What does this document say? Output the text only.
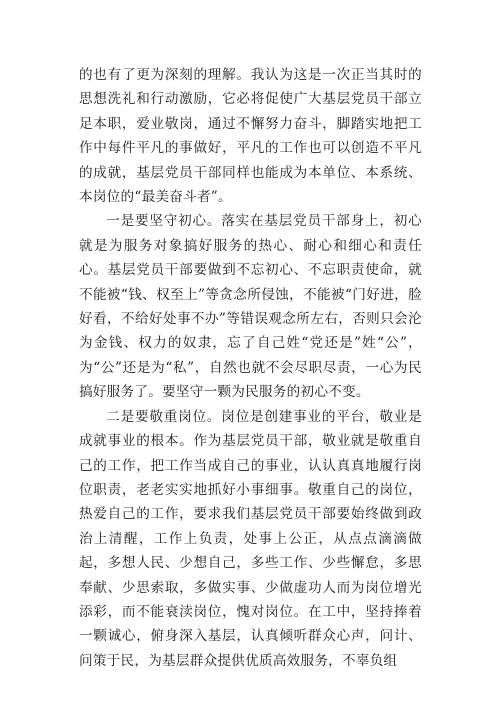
的也有了更为深刻的理解。我认为这是一次正当其时的思想洗礼和行动激励，它必将促使广大基层党员干部立足本职，爱业敬岗，通过不懈努力奋斗，脚踏实地把工作中每件平凡的事做好，平凡的工作也可以创造不平凡的成就，基层党员干部同样也能成为本单位、本系统、本岗位的“最美奋斗者”。

一是要坚守初心。落实在基层党员干部身上，初心就是为服务对象搞好服务的热心、耐心和细心和责任心。基层党员干部要做到不忘初心、不忘职责使命，就不能被“钱、权至上”等贪念所侵蚀，不能被“门好进，脸好看，不给好处事不办”等错误观念所左右，否则只会沦为金钱、权力的奴隶，忘了自己姓“党还是”姓“公”，为“公”还是为“私”，自然也就不会尽职尽责，一心为民搞好服务了。要坚守一颗为民服务的初心不变。

二是要敬重岗位。岗位是创建事业的平台，敬业是成就事业的根本。作为基层党员干部，敬业就是敬重自己的工作，把工作当成自己的事业，认认真真地履行岗位职责，老老实实地抓好小事细事。敬重自己的岗位，热爱自己的工作，要求我们基层党员干部要始终做到政治上清醒，工作上负责，处事上公正，从点点滴滴做起，多想人民、少想自己，多些工作、少些懈怠，多思奉献、少思索取，多做实事、少做虚功人而为岗位增光添彩，而不能衰渎岗位，愧对岗位。在工中，坚持捧着一颗诚心，俯身深入基层，认真倾听群众心声，问计、问策于民，为基层群众提供优质高效服务，不辜负组
